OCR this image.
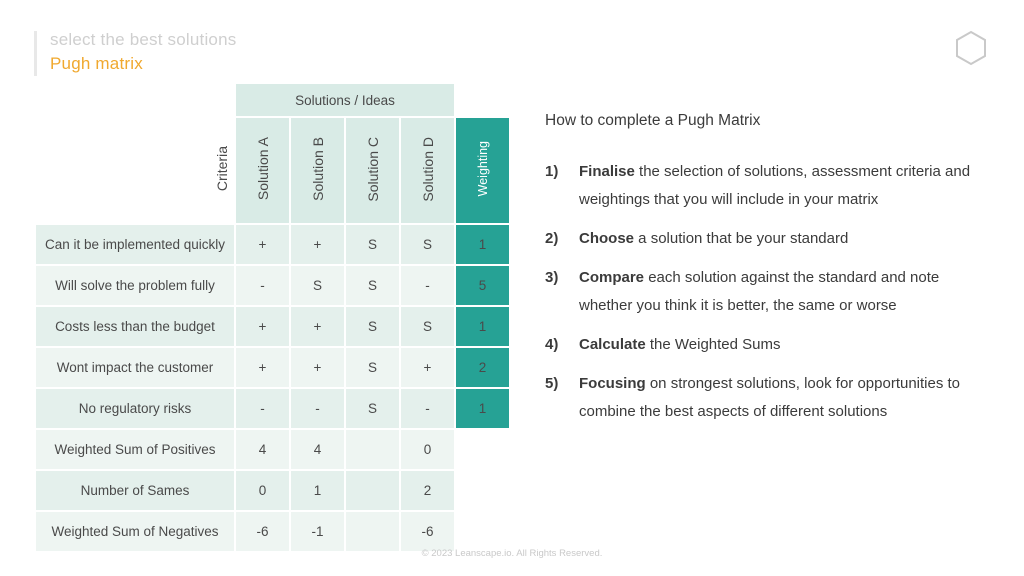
select the best solutions
Pugh matrix
	Solutions / Ideas				
Criteria	Solution A	Solution B	Solution C	Solution D	Weighting
Can it be implemented quickly	+	+	S	S	1
Will solve the problem fully	-	S	S	-	5
Costs less than the budget	+	+	S	S	1
Wont impact the customer	+	+	S	+	2
No regulatory risks	-	-	S	-	1
Weighted Sum of Positives	4	4		0	
Number of Sames	0	1		2	
Weighted Sum of Negatives	-6	-1		-6	
How to complete a Pugh Matrix
1)	Finalise the selection of solutions, assessment criteria and weightings that you will include in your matrix
2)	Choose a solution that be your standard
3)	Compare each solution against the standard and note whether you think it is better, the same or worse
4)	Calculate the Weighted Sums
5)	Focusing on strongest solutions, look for opportunities to combine the best aspects of different solutions
© 2023 Leanscape.io. All Rights Reserved.
